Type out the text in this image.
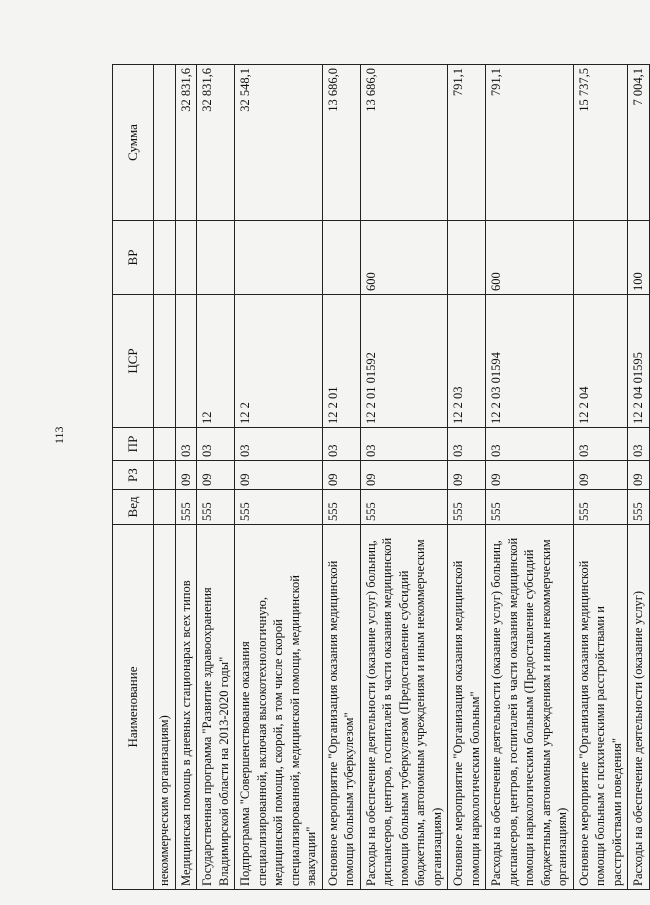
113
Наименование	Вед	РЗ	ПР	ЦСР	ВР	Сумма
некоммерческим организациям)						
Медицинская помощь в дневных стационарах всех типов	555	09	03			32 831,6
Государственная программа "Развитие здравоохранения Владимирской области на 2013-2020 годы"	555	09	03	12		32 831,6
Подпрограмма "Совершенствование оказания специализированной, включая высокотехнологичную, медицинской помощи, скорой, в том числе скорой специализированной, медицинской помощи, медицинской эвакуации"	555	09	03	12 2		32 548,1
Основное мероприятие "Организация оказания медицинской помощи больным туберкулезом"	555	09	03	12 2 01		13 686,0
Расходы на обеспечение деятельности (оказание услуг) больниц, диспансеров, центров, госпиталей в части оказания медицинской помощи больным туберкулезом (Предоставление субсидий бюджетным, автономным учреждениям и иным некоммерческим организациям)	555	09	03	12 2 01 01592	600	13 686,0
Основное мероприятие "Организация оказания медицинской помощи наркологическим больным"	555	09	03	12 2 03		791,1
Расходы на обеспечение деятельности (оказание услуг) больниц, диспансеров, центров, госпиталей в части оказания медицинской помощи наркологическим больным (Предоставление субсидий бюджетным, автономным учреждениям и иным некоммерческим организациям)	555	09	03	12 2 03 01594	600	791,1
Основное мероприятие "Организация оказания медицинской помощи больным с психическими расстройствами и расстройствами поведения"	555	09	03	12 2 04		15 737,5
Расходы на обеспечение деятельности (оказание услуг)	555	09	03	12 2 04 01595	100	7 004,1
